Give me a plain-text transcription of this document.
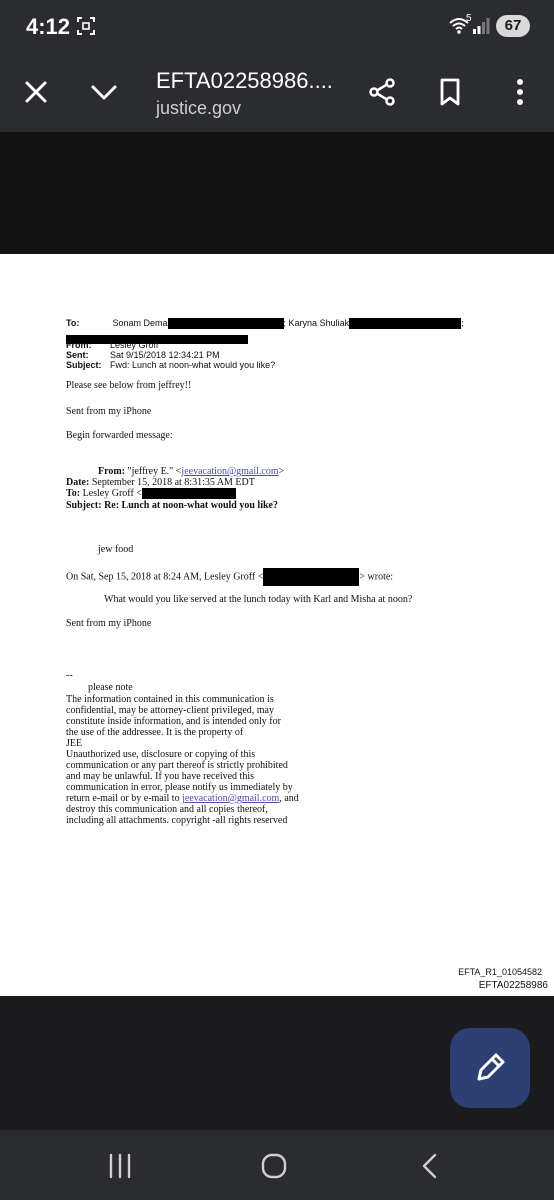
4:12	5	67
EFTA02258986....
justice.gov
To:	Sonam Dema	; Karyna Shuliak	;
From: Lesley Groff
Sent: Sat 9/15/2018 12:34:21 PM
Subject: Fwd: Lunch at noon-what would you like?
Please see below from jeffrey!!
Sent from my iPhone
Begin forwarded message:
From: "jeffrey E." <jeevacation@gmail.com>
Date: September 15, 2018 at 8:31:35 AM EDT
To: Lesley Groff <
Subject: Re: Lunch at noon-what would you like?
jew food
On Sat, Sep 15, 2018 at 8:24 AM, Lesley Groff <	> wrote:
What would you like served at the lunch today with Karl and Misha at noon?
Sent from my iPhone
--
please note
The information contained in this communication is
confidential, may be attorney-client privileged, may
constitute inside information, and is intended only for
the use of the addressee. It is the property of
JEE
Unauthorized use, disclosure or copying of this
communication or any part thereof is strictly prohibited
and may be unlawful. If you have received this
communication in error, please notify us immediately by
return e-mail or by e-mail to jeevacation@gmail.com, and
destroy this communication and all copies thereof,
including all attachments. copyright -all rights reserved
EFTA_R1_01054582
EFTA02258986
